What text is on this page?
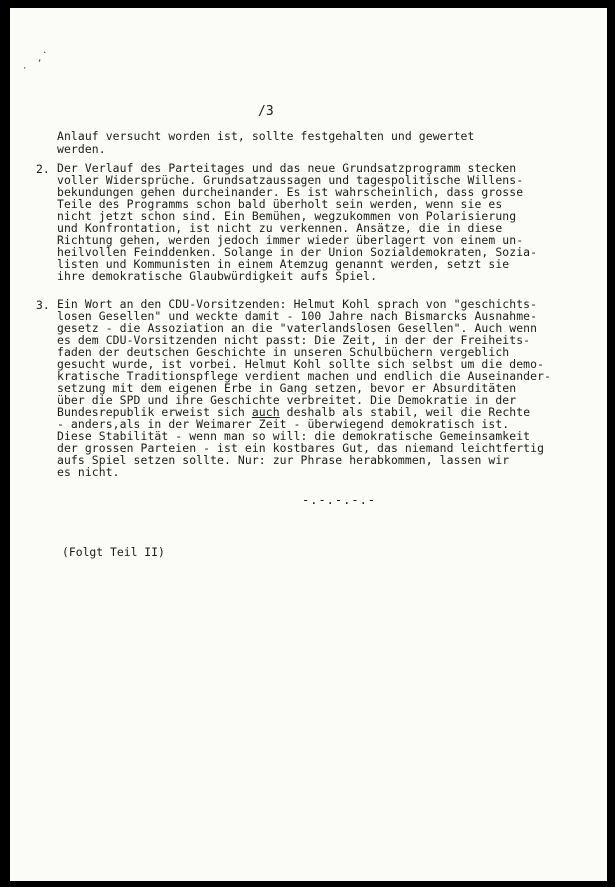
.
,
·
/3
Anlauf versucht worden ist, sollte festgehalten und gewertet
werden.
2. Der Verlauf des Parteitages und das neue Grundsatzprogramm stecken
voller Widersprüche. Grundsatzaussagen und tagespolitische Willens-
bekundungen gehen durcheinander. Es ist wahrscheinlich, dass grosse
Teile des Programms schon bald überholt sein werden, wenn sie es
nicht jetzt schon sind. Ein Bemühen, wegzukommen von Polarisierung
und Konfrontation, ist nicht zu verkennen. Ansätze, die in diese
Richtung gehen, werden jedoch immer wieder überlagert von einem un-
heilvollen Feinddenken. Solange in der Union Sozialdemokraten, Sozia-
listen und Kommunisten in einem Atemzug genannt werden, setzt sie
ihre demokratische Glaubwürdigkeit aufs Spiel.
3. Ein Wort an den CDU-Vorsitzenden: Helmut Kohl sprach von "geschichts-
losen Gesellen" und weckte damit - 100 Jahre nach Bismarcks Ausnahme-
gesetz - die Assoziation an die "vaterlandslosen Gesellen". Auch wenn
es dem CDU-Vorsitzenden nicht passt: Die Zeit, in der der Freiheits-
faden der deutschen Geschichte in unseren Schulbüchern vergeblich
gesucht wurde, ist vorbei. Helmut Kohl sollte sich selbst um die demo-
kratische Traditionspflege verdient machen und endlich die Auseinander-
setzung mit dem eigenen Erbe in Gang setzen, bevor er Absurditäten
über die SPD und ihre Geschichte verbreitet. Die Demokratie in der
Bundesrepublik erweist sich auch deshalb als stabil, weil die Rechte
- anders,als in der Weimarer Zeit - überwiegend demokratisch ist.
Diese Stabilität - wenn man so will: die demokratische Gemeinsamkeit
der grossen Parteien - ist ein kostbares Gut, das niemand leichtfertig
aufs Spiel setzen sollte. Nur: zur Phrase herabkommen, lassen wir
es nicht.
-.-.-.-.-
(Folgt Teil II)
